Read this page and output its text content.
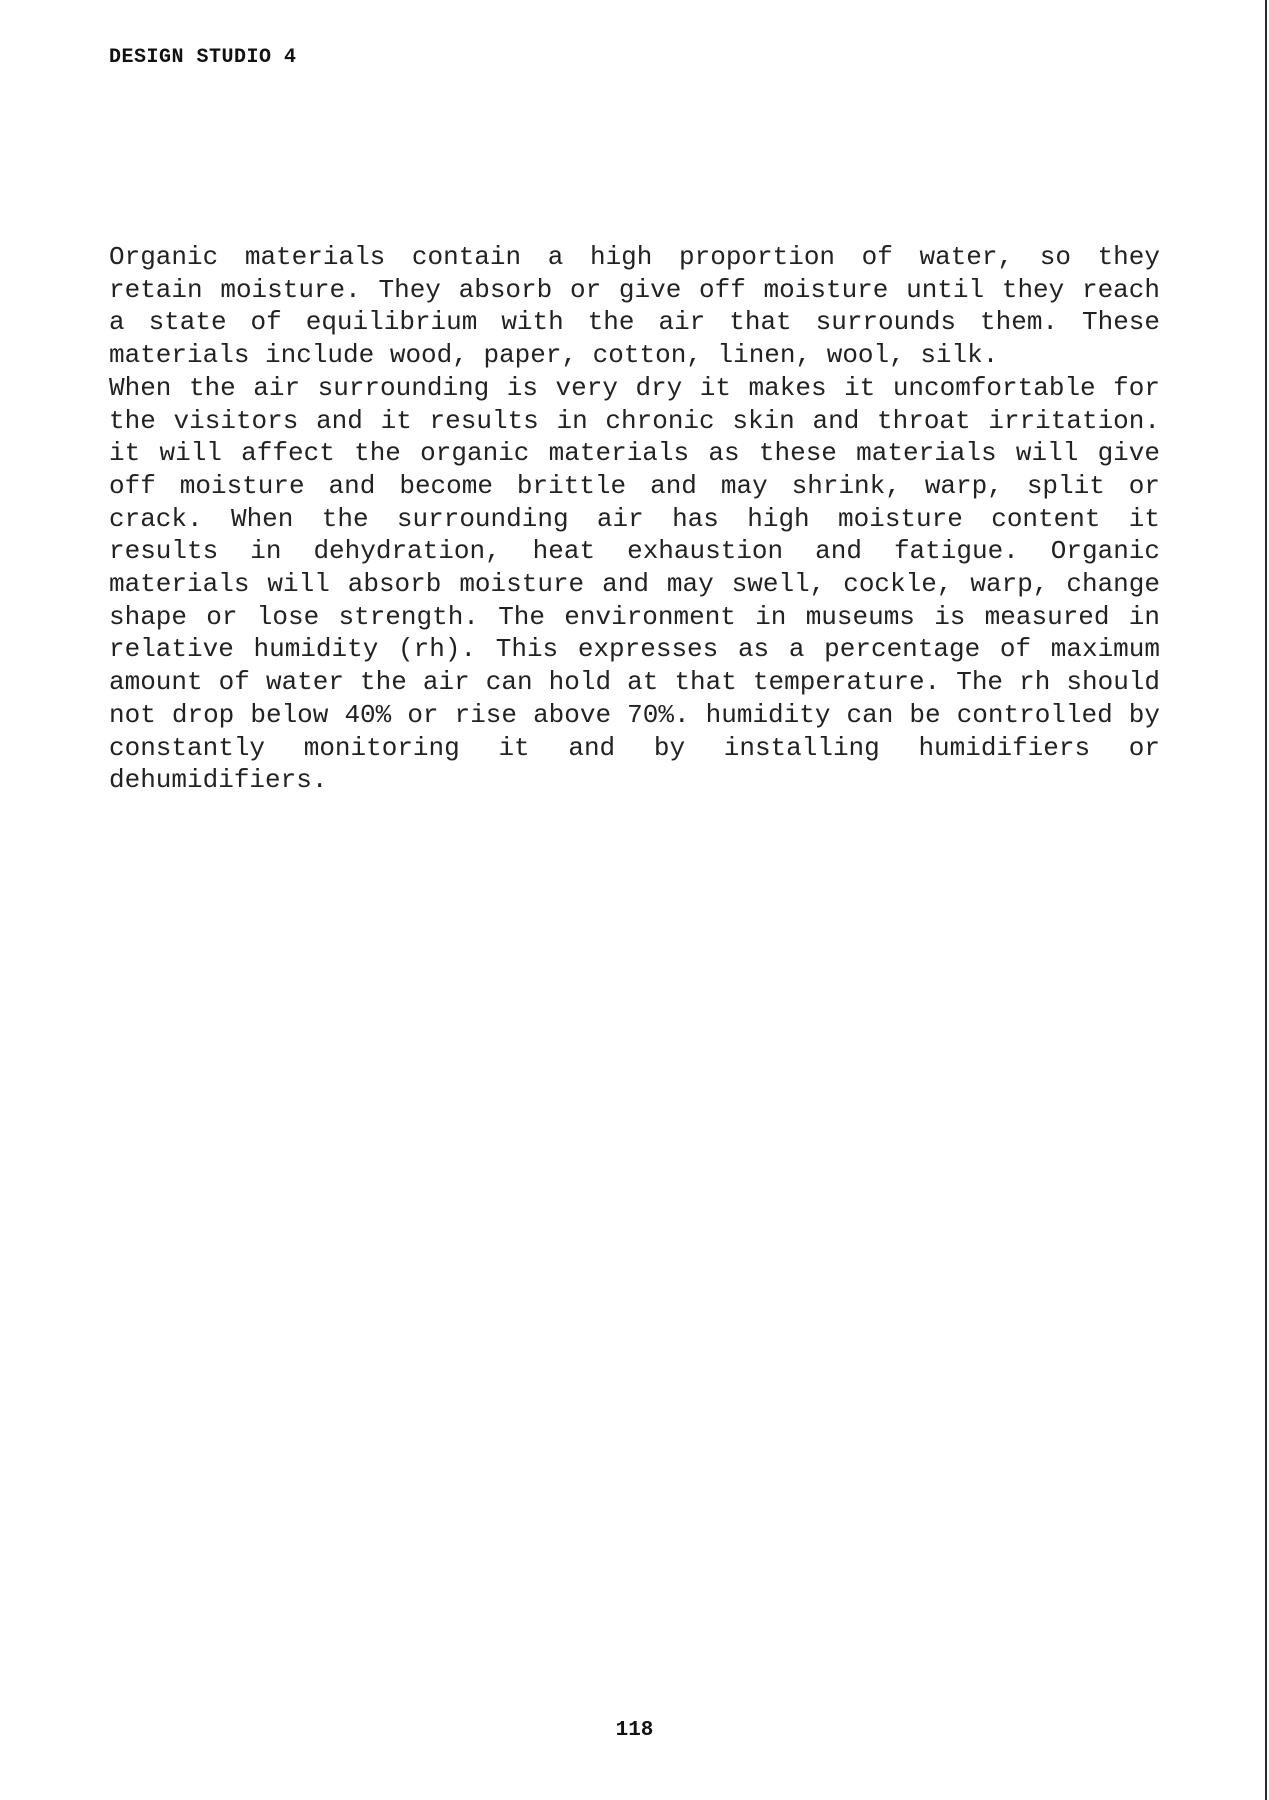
DESIGN STUDIO 4

Organic materials contain a high proportion of water, so they retain moisture. They absorb or give off moisture until they reach a state of equilibrium with the air that surrounds them. These materials include wood, paper, cotton, linen, wool, silk.

When the air surrounding is very dry it makes it uncomfortable for the visitors and it results in chronic skin and throat irritation. it will affect the organic materials as these materials will give off moisture and become brittle and may shrink, warp, split or crack. When the surrounding air has high moisture content it results in dehydration, heat exhaustion and fatigue. Organic materials will absorb moisture and may swell, cockle, warp, change shape or lose strength. The environment in museums is measured in relative humidity (rh). This expresses as a percentage of maximum amount of water the air can hold at that temperature. The rh should not drop below 40% or rise above 70%. humidity can be controlled by constantly monitoring it and by installing humidifiers or dehumidifiers.

118
